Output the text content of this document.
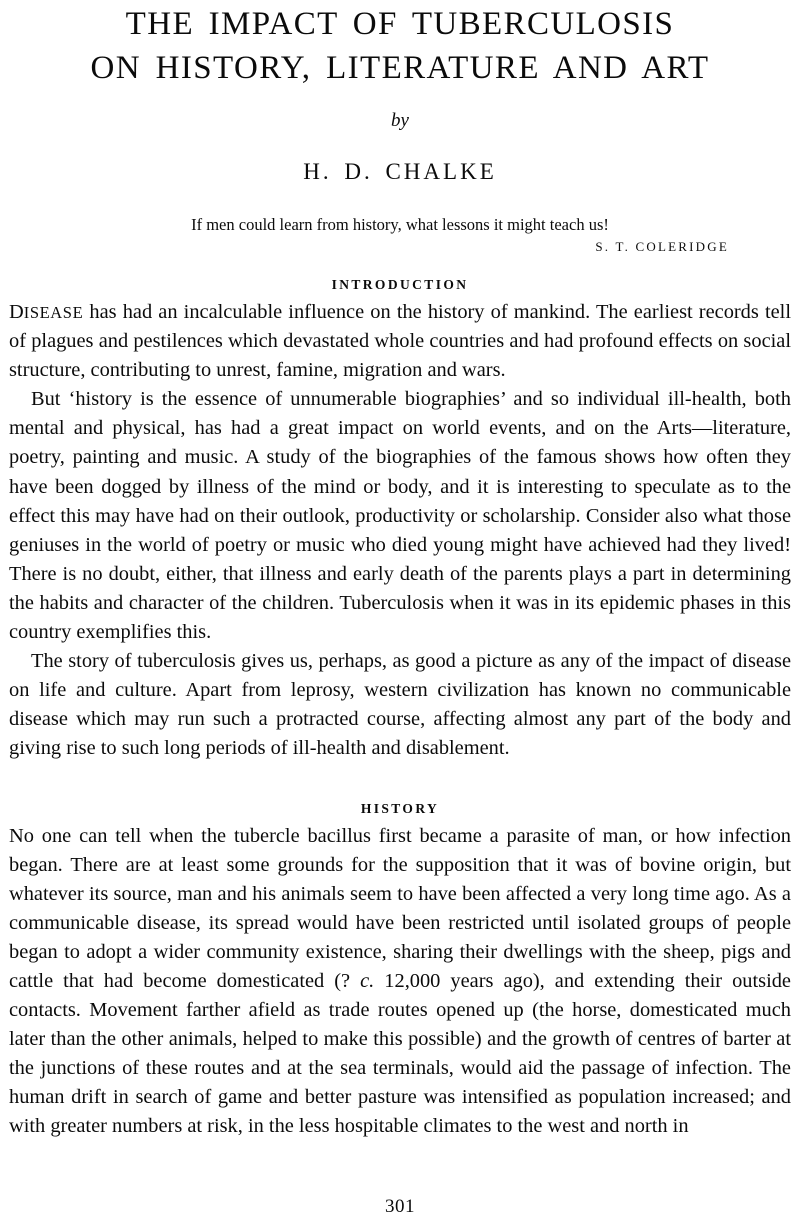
THE IMPACT OF TUBERCULOSIS
ON HISTORY, LITERATURE AND ART
by
H. D. CHALKE
If men could learn from history, what lessons it might teach us!
S. T. COLERIDGE
INTRODUCTION

DISEASE has had an incalculable influence on the history of mankind. The earliest records tell of plagues and pestilences which devastated whole countries and had profound effects on social structure, contributing to unrest, famine, migration and wars.

But ‘history is the essence of unnumerable biographies’ and so individual ill-health, both mental and physical, has had a great impact on world events, and on the Arts—literature, poetry, painting and music. A study of the biographies of the famous shows how often they have been dogged by illness of the mind or body, and it is interesting to speculate as to the effect this may have had on their outlook, productivity or scholarship. Consider also what those geniuses in the world of poetry or music who died young might have achieved had they lived! There is no doubt, either, that illness and early death of the parents plays a part in determining the habits and character of the children. Tuberculosis when it was in its epidemic phases in this country exemplifies this.

The story of tuberculosis gives us, perhaps, as good a picture as any of the impact of disease on life and culture. Apart from leprosy, western civilization has known no communicable disease which may run such a protracted course, affecting almost any part of the body and giving rise to such long periods of ill-health and disablement.

HISTORY

No one can tell when the tubercle bacillus first became a parasite of man, or how infection began. There are at least some grounds for the supposition that it was of bovine origin, but whatever its source, man and his animals seem to have been affected a very long time ago. As a communicable disease, its spread would have been restricted until isolated groups of people began to adopt a wider community existence, sharing their dwellings with the sheep, pigs and cattle that had become domesticated (? c. 12,000 years ago), and extending their outside contacts. Movement farther afield as trade routes opened up (the horse, domesticated much later than the other animals, helped to make this possible) and the growth of centres of barter at the junctions of these routes and at the sea terminals, would aid the passage of infection. The human drift in search of game and better pasture was intensified as population increased; and with greater numbers at risk, in the less hospitable climates to the west and north in

301
